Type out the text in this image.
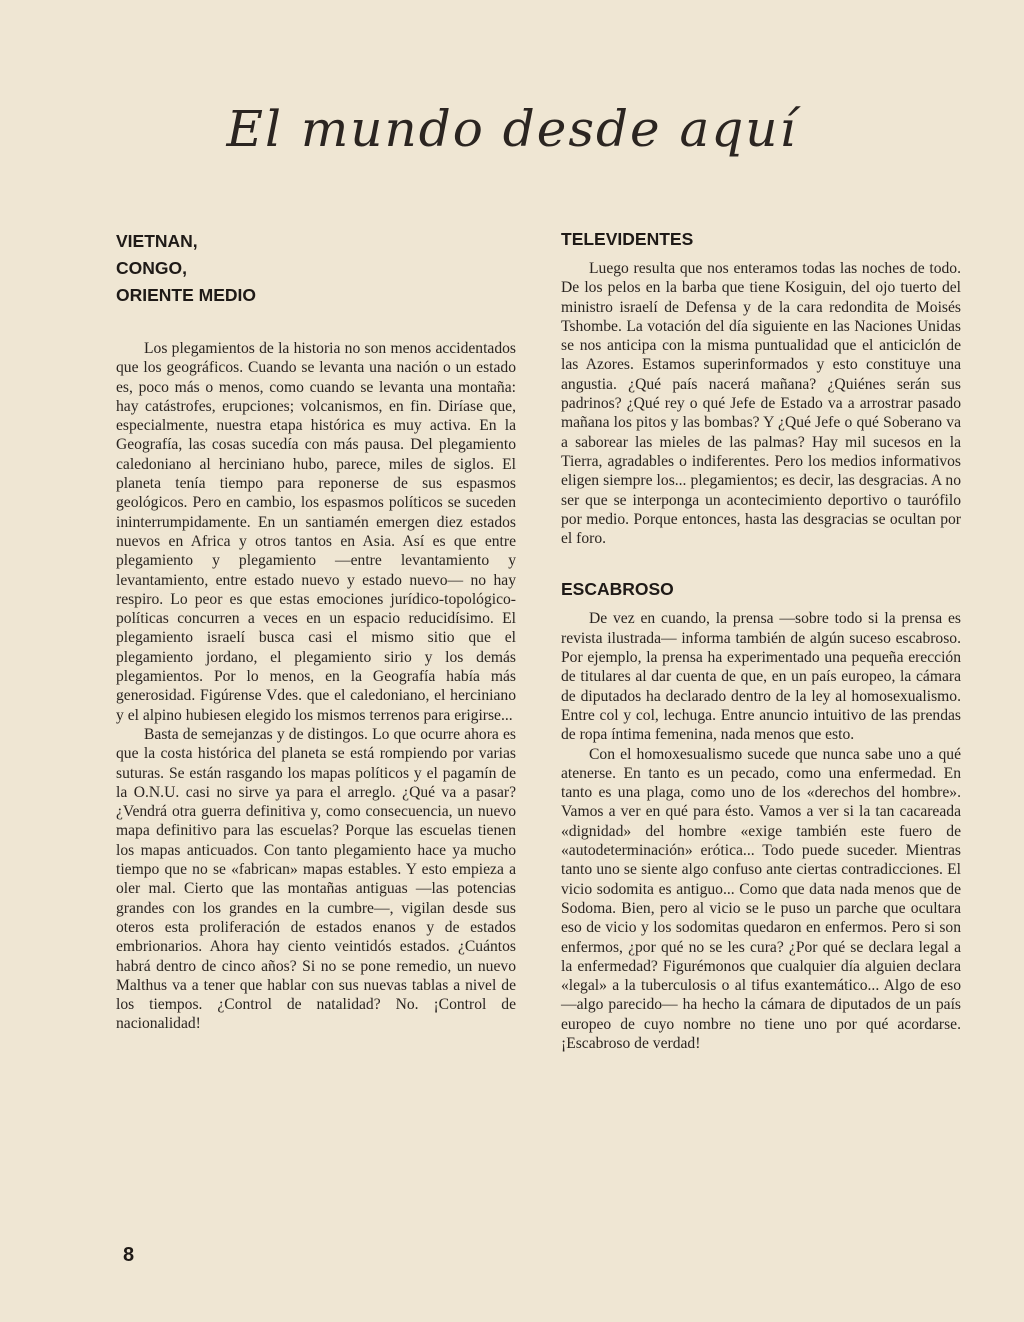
El mundo desde aquí
VIETNAN,
CONGO,
ORIENTE MEDIO

Los plegamientos de la historia no son menos accidentados que los geográficos. Cuando se levanta una nación o un estado es, poco más o menos, como cuando se levanta una montaña: hay catástrofes, erupciones; volcanismos, en fin. Diríase que, especialmente, nuestra etapa histórica es muy activa. En la Geografía, las cosas sucedía con más pausa. Del plegamiento caledoniano al herciniano hubo, parece, miles de siglos. El planeta tenía tiempo para reponerse de sus espasmos geológicos. Pero en cambio, los espasmos políticos se suceden ininterrumpidamente. En un santiamén emergen diez estados nuevos en Africa y otros tantos en Asia. Así es que entre plegamiento y plegamiento —entre levantamiento y levantamiento, entre estado nuevo y estado nuevo— no hay respiro. Lo peor es que estas emociones jurídico-topológico-políticas concurren a veces en un espacio reducidísimo. El plegamiento israelí busca casi el mismo sitio que el plegamiento jordano, el plegamiento sirio y los demás plegamientos. Por lo menos, en la Geografía había más generosidad. Figúrense Vdes. que el caledoniano, el herciniano y el alpino hubiesen elegido los mismos terrenos para erigirse...

Basta de semejanzas y de distingos. Lo que ocurre ahora es que la costa histórica del planeta se está rompiendo por varias suturas. Se están rasgando los mapas políticos y el pagamín de la O.N.U. casi no sirve ya para el arreglo. ¿Qué va a pasar? ¿Vendrá otra guerra definitiva y, como consecuencia, un nuevo mapa definitivo para las escuelas? Porque las escuelas tienen los mapas anticuados. Con tanto plegamiento hace ya mucho tiempo que no se «fabrican» mapas estables. Y esto empieza a oler mal. Cierto que las montañas antiguas —las potencias grandes con los grandes en la cumbre—, vigilan desde sus oteros esta proliferación de estados enanos y de estados embrionarios. Ahora hay ciento veintidós estados. ¿Cuántos habrá dentro de cinco años? Si no se pone remedio, un nuevo Malthus va a tener que hablar con sus nuevas tablas a nivel de los tiempos. ¿Control de natalidad? No. ¡Control de nacionalidad!

TELEVIDENTES

Luego resulta que nos enteramos todas las noches de todo. De los pelos en la barba que tiene Kosiguin, del ojo tuerto del ministro israelí de Defensa y de la cara redondita de Moisés Tshombe. La votación del día siguiente en las Naciones Unidas se nos anticipa con la misma puntualidad que el anticiclón de las Azores. Estamos superinformados y esto constituye una angustia. ¿Qué país nacerá mañana? ¿Quiénes serán sus padrinos? ¿Qué rey o qué Jefe de Estado va a arrostrar pasado mañana los pitos y las bombas? Y ¿Qué Jefe o qué Soberano va a saborear las mieles de las palmas? Hay mil sucesos en la Tierra, agradables o indiferentes. Pero los medios informativos eligen siempre los... plegamientos; es decir, las desgracias. A no ser que se interponga un acontecimiento deportivo o taurófilo por medio. Porque entonces, hasta las desgracias se ocultan por el foro.

ESCABROSO

De vez en cuando, la prensa —sobre todo si la prensa es revista ilustrada— informa también de algún suceso escabroso. Por ejemplo, la prensa ha experimentado una pequeña erección de titulares al dar cuenta de que, en un país europeo, la cámara de diputados ha declarado dentro de la ley al homosexualismo. Entre col y col, lechuga. Entre anuncio intuitivo de las prendas de ropa íntima femenina, nada menos que esto.

Con el homoxesualismo sucede que nunca sabe uno a qué atenerse. En tanto es un pecado, como una enfermedad. En tanto es una plaga, como uno de los «derechos del hombre». Vamos a ver en qué para ésto. Vamos a ver si la tan cacareada «dignidad» del hombre «exige también este fuero de «autodeterminación» erótica... Todo puede suceder. Mientras tanto uno se siente algo confuso ante ciertas contradicciones. El vicio sodomita es antiguo... Como que data nada menos que de Sodoma. Bien, pero al vicio se le puso un parche que ocultara eso de vicio y los sodomitas quedaron en enfermos. Pero si son enfermos, ¿por qué no se les cura? ¿Por qué se declara legal a la enfermedad? Figurémonos que cualquier día alguien declara «legal» a la tuberculosis o al tifus exantemático... Algo de eso —algo parecido— ha hecho la cámara de diputados de un país europeo de cuyo nombre no tiene uno por qué acordarse. ¡Escabroso de verdad!

8
